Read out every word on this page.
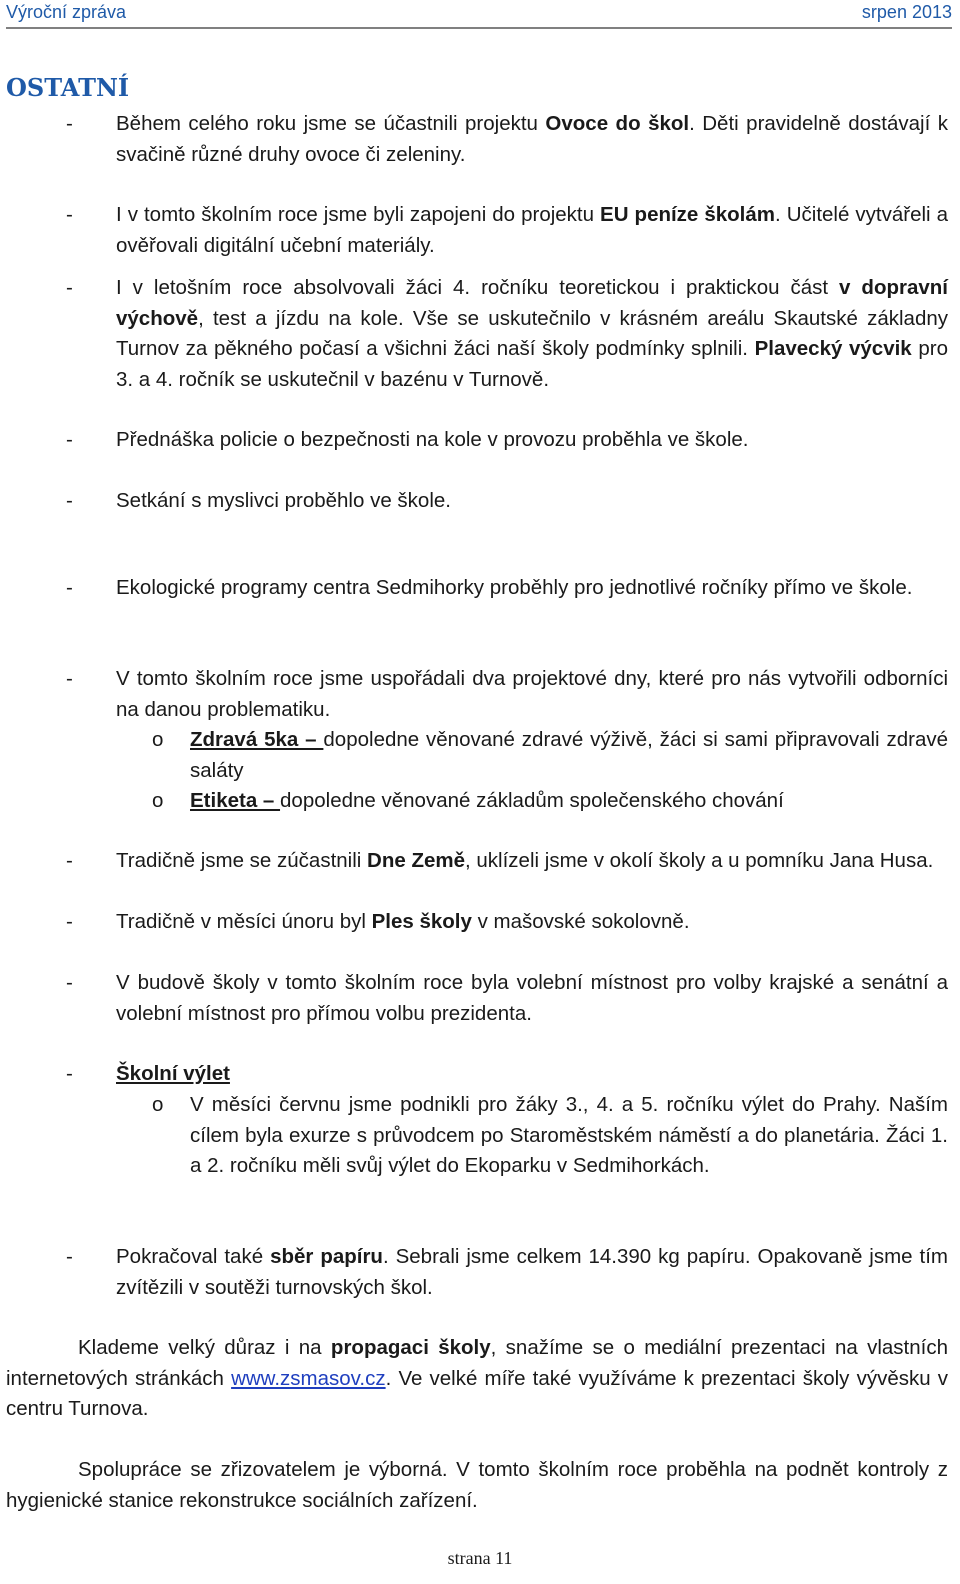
Výroční zpráva	srpen 2013
OSTATNÍ
- Během celého roku jsme se účastnili projektu Ovoce do škol. Děti pravidelně dostávají k svačině různé druhy ovoce či zeleniny.
- I v tomto školním roce jsme byli zapojeni do projektu EU peníze školám. Učitelé vytvářeli a ověřovali digitální učební materiály.
- I v letošním roce absolvovali žáci 4. ročníku teoretickou i praktickou část v dopravní výchově, test a jízdu na kole. Vše se uskutečnilo v krásném areálu Skautské základny Turnov za pěkného počasí a všichni žáci naší školy podmínky splnili. Plavecký výcvik pro 3. a 4. ročník se uskutečnil v bazénu v Turnově.
- Přednáška policie o bezpečnosti na kole v provozu proběhla ve škole.
- Setkání s myslivci proběhlo ve škole.
- Ekologické programy centra Sedmihorky proběhly pro jednotlivé ročníky přímo ve škole.
- V tomto školním roce jsme uspořádali dva projektové dny, které pro nás vytvořili odborníci na danou problematiku.
o Zdravá 5ka – dopoledne věnované zdravé výživě, žáci si sami připravovali zdravé saláty
o Etiketa – dopoledne věnované základům společenského chování
- Tradičně jsme se zúčastnili Dne Země, uklízeli jsme v okolí školy a u pomníku Jana Husa.
- Tradičně v měsíci únoru byl Ples školy v mašovské sokolovně.
- V budově školy v tomto školním roce byla volební místnost pro volby krajské a senátní a volební místnost pro přímou volbu prezidenta.
- Školní výlet
o V měsíci červnu jsme podnikli pro žáky 3., 4. a 5. ročníku výlet do Prahy. Naším cílem byla exurze s průvodcem po Staroměstském náměstí a do planetária. Žáci 1. a 2. ročníku měli svůj výlet do Ekoparku v Sedmihorkách.
- Pokračoval také sběr papíru. Sebrali jsme celkem 14.390 kg papíru. Opakovaně jsme tím zvítězili v soutěži turnovských škol.
Klademe velký důraz i na propagaci školy, snažíme se o mediální prezentaci na vlastních internetových stránkách www.zsmasov.cz. Ve velké míře také využíváme k prezentaci školy vývěsku v centru Turnova.
Spolupráce se zřizovatelem je výborná. V tomto školním roce proběhla na podnět kontroly z hygienické stanice rekonstrukce sociálních zařízení.
strana 11
